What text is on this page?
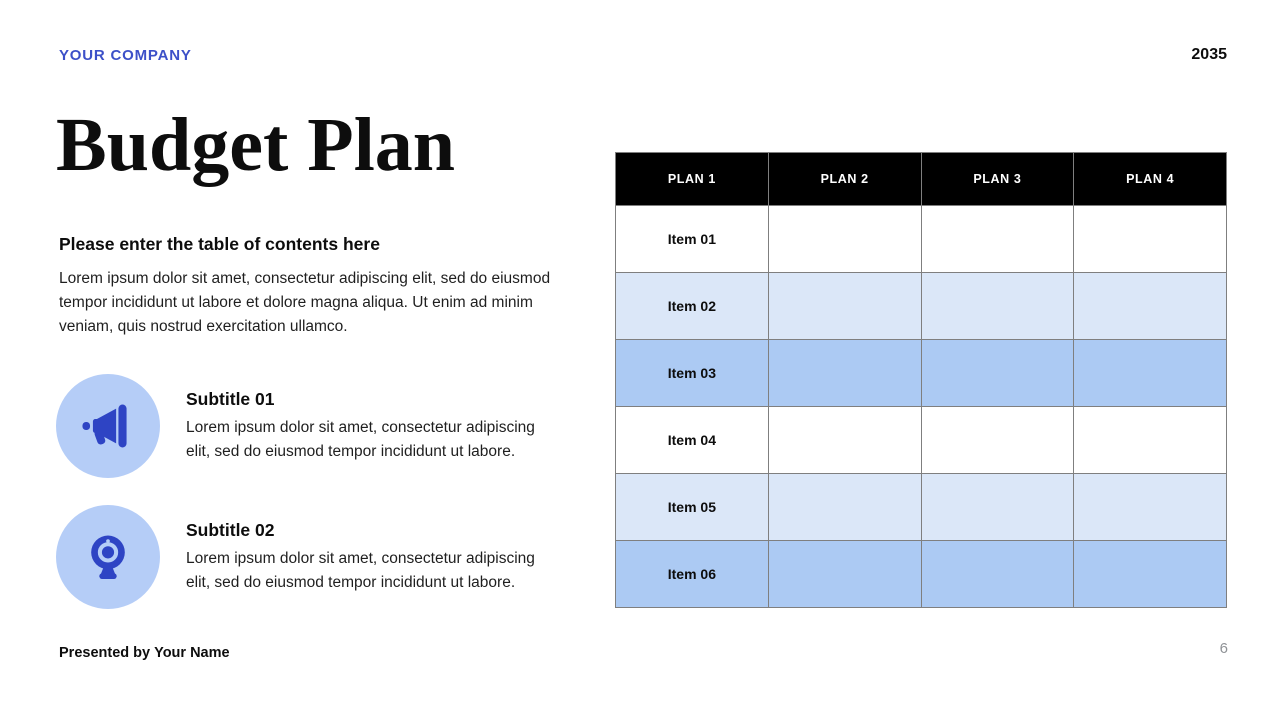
YOUR COMPANY	2035
Budget Plan
Please enter the table of contents here
Lorem ipsum dolor sit amet, consectetur adipiscing elit, sed do eiusmod tempor incididunt ut labore et dolore magna aliqua. Ut enim ad minim veniam, quis nostrud exercitation ullamco.
Subtitle 01
Lorem ipsum dolor sit amet, consectetur adipiscing elit, sed do eiusmod tempor incididunt ut labore.
Subtitle 02
Lorem ipsum dolor sit amet, consectetur adipiscing elit, sed do eiusmod tempor incididunt ut labore.
PLAN 1	PLAN 2	PLAN 3	PLAN 4
Item 01			
Item 02			
Item 03			
Item 04			
Item 05			
Item 06			
Presented by Your Name	6
